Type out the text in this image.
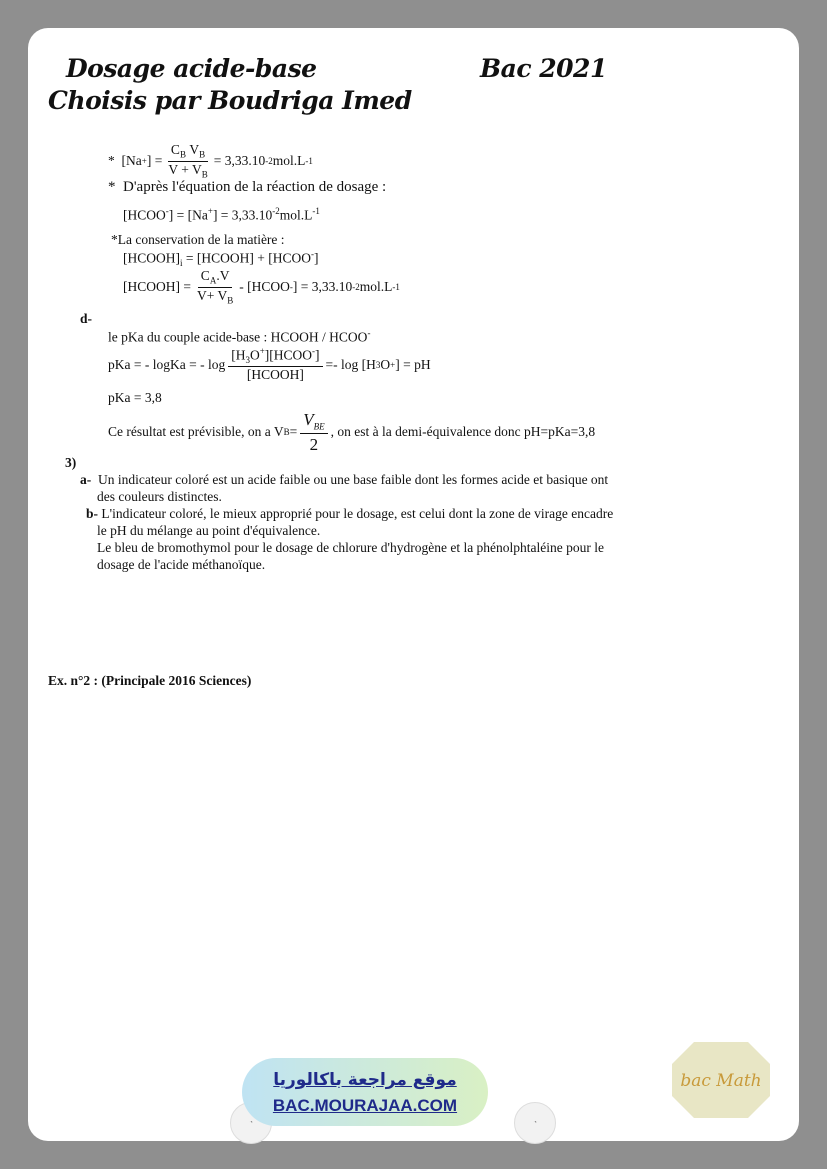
Dosage acide-base	Bac 2021
Choisis par Boudriga Imed
*
[Na + ] = $\frac{C_B V_B}{V + V_B} = 3,33.10$ -2 mol.L -1
*  D'après l'équation de la réaction de dosage :
[HCOO-] = $[Na^+] = 3,33.10^{-2}mol.L^{-1}$
*La conservation de la matière :
$[HCOOH]_i$ = [HCOOH] + [HCOO-]
[HCOOH] = $\frac{C_A.V}{V+ V_B}$ - [HCOO - ] = 3,33.10 -2 mol.L -1
d-
le pKa du couple acide-base : HCOOH / HCOO-
pKa = - logKa = - $\log \frac{[H_3O^+][HCOO^-]}{\text{[HCOOH]}} =- \log [H$ 3 O + ] = pH
pKa = 3,8
Ce résultat est prévisible, on a V $B = \frac{V_{BE}}{2}$ , on est à la demi-équivalence donc pH=pKa=3,8
3)
a- Un indicateur coloré est un acide faible ou une base faible dont les formes acide et basique ont
des couleurs distinctes.
b- L'indicateur coloré, le mieux approprié pour le dosage, est celui dont la zone de virage encadre
le pH du mélange au point d'équivalence.
Le bleu de bromothymol pour le dosage de chlorure d'hydrogène et la phénolphtaléine pour le
dosage de l'acide méthanoïque.
Ex. n°2 : (Principale 2016 Sciences)
◔
موقع مراجعة باكالوريا
BAC.MOURAJAA.COM
◔
bac Math
